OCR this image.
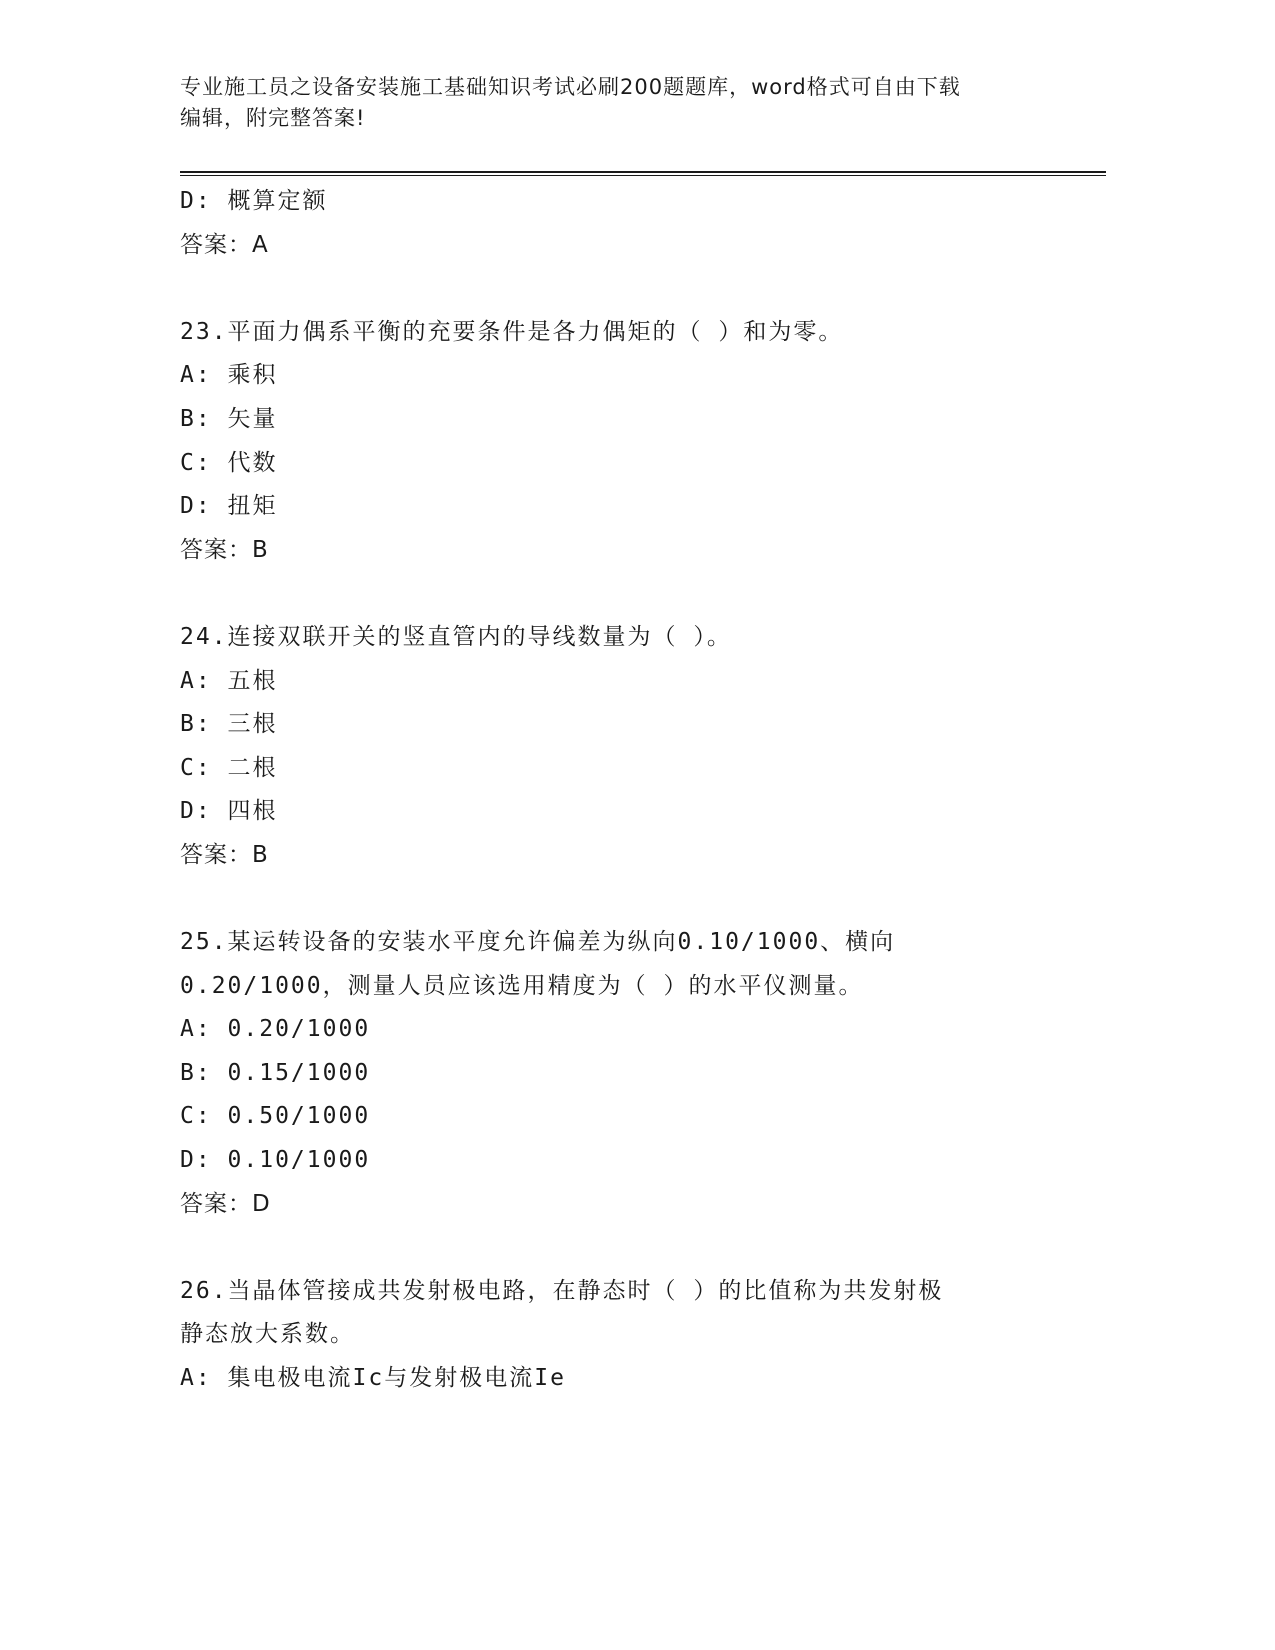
专业施工员之设备安装施工基础知识考试必刷200题题库，word格式可自由下载
编辑，附完整答案!
D: 概算定额
答案：A
23.平面力偶系平衡的充要条件是各力偶矩的（ ）和为零。
A: 乘积
B: 矢量
C: 代数
D: 扭矩
答案：B
24.连接双联开关的竖直管内的导线数量为（ ）。
A: 五根
B: 三根
C: 二根
D: 四根
答案：B
25.某运转设备的安装水平度允许偏差为纵向0.10/1000、横向
0.20/1000，测量人员应该选用精度为（ ）的水平仪测量。
A: 0.20/1000
B: 0.15/1000
C: 0.50/1000
D: 0.10/1000
答案：D
26.当晶体管接成共发射极电路，在静态时（ ）的比值称为共发射极
静态放大系数。
A: 集电极电流Ic与发射极电流Ie
